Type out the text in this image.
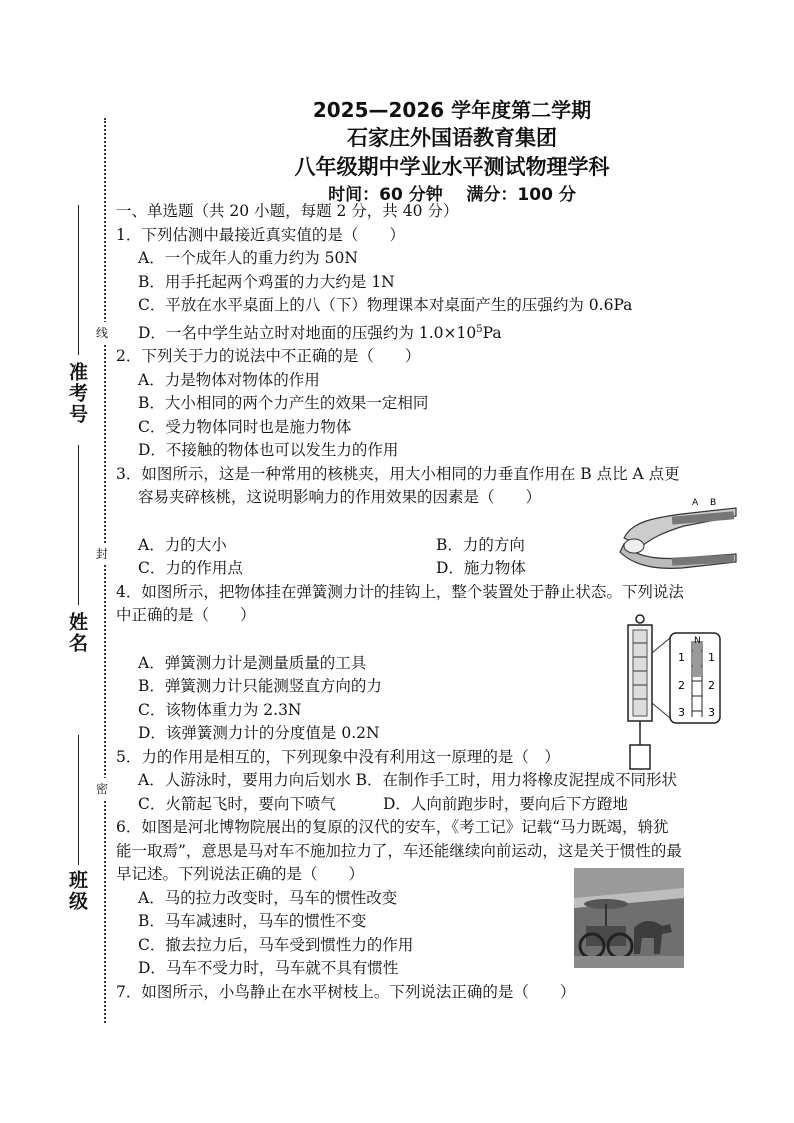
线
封
密
准考号
姓名
班级
2025—2026 学年度第二学期
石家庄外国语教育集团
八年级期中学业水平测试物理学科
时间：60 分钟    满分：100 分

一、单选题（共 20 小题，每题 2 分，共 40 分）

1．下列估测中最接近真实值的是（　　）

A．一个成年人的重力约为 50N

B．用手托起两个鸡蛋的力大约是 1N

C．平放在水平桌面上的八（下）物理课本对桌面产生的压强约为 0.6Pa

D．一名中学生站立时对地面的压强约为 $1.0\times 10^5Pa$

2．下列关于力的说法中不正确的是（　　）

A．力是物体对物体的作用

B．大小相同的两个力产生的效果一定相同

C．受力物体同时也是施力物体

D．不接触的物体也可以发生力的作用

3．如图所示，这是一种常用的核桃夹，用大小相同的力垂直作用在 B 点比 A 点更

容易夹碎核桃，这说明影响力的作用效果的因素是（　　）

A．力的大小	B．力的方向
C．力的作用点	D．施力物体

4．如图所示，把物体挂在弹簧测力计的挂钩上，整个装置处于静止状态。下列说法

中正确的是（　　）

A．弹簧测力计是测量质量的工具

B．弹簧测力计只能测竖直方向的力

C．该物体重力为 2.3N

D．该弹簧测力计的分度值是 0.2N

5．力的作用是相互的，下列现象中没有利用这一原理的是（　）

A．人游泳时，要用力向后划水 B．在制作手工时，用力将橡皮泥捏成不同形状

C．火箭起飞时，要向下喷气	D．人向前跑步时，要向后下方蹬地

6．如图是河北博物院展出的复原的汉代的安车，《考工记》记载“马力既竭，辀犹

能一取焉”，意思是马对车不施加拉力了，车还能继续向前运动，这是关于惯性的最

早记述。下列说法正确的是（　　）

A．马的拉力改变时，马车的惯性改变

B．马车减速时，马车的惯性不变

C．撤去拉力后，马车受到惯性力的作用

D．马车不受力时，马车就不具有惯性

7．如图所示，小鸟静止在水平树枝上。下列说法正确的是（　　）

A B
N
1 1
2 2
3 3
